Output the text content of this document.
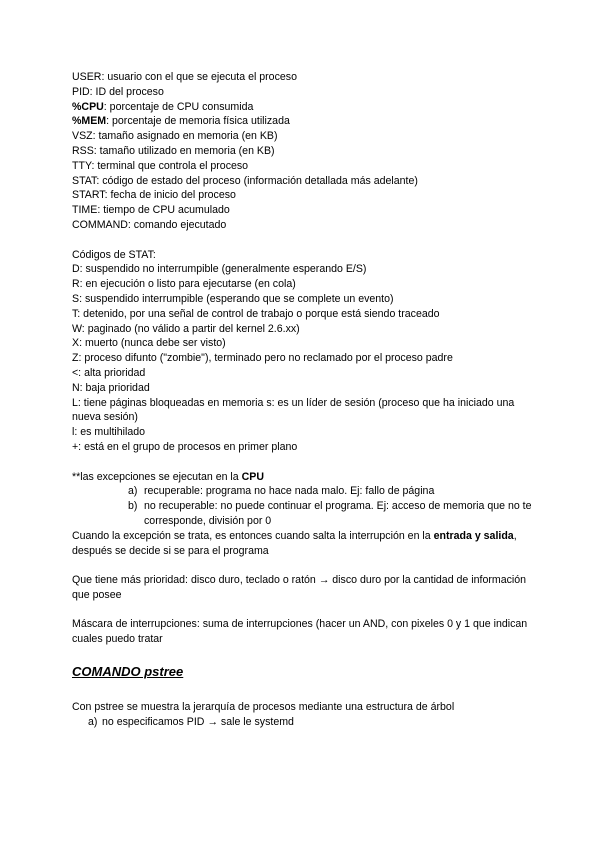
USER: usuario con el que se ejecuta el proceso
PID: ID del proceso
%CPU: porcentaje de CPU consumida
%MEM: porcentaje de memoria física utilizada
VSZ: tamaño asignado en memoria (en KB)
RSS: tamaño utilizado en memoria (en KB)
TTY: terminal que controla el proceso
STAT: código de estado del proceso (información detallada más adelante)
START: fecha de inicio del proceso
TIME: tiempo de CPU acumulado
COMMAND: comando ejecutado
Códigos de STAT:
D: suspendido no interrumpible (generalmente esperando E/S)
R: en ejecución o listo para ejecutarse (en cola)
S: suspendido interrumpible (esperando que se complete un evento)
T: detenido, por una señal de control de trabajo o porque está siendo traceado
W: paginado (no válido a partir del kernel 2.6.xx)
X: muerto (nunca debe ser visto)
Z: proceso difunto ("zombie"), terminado pero no reclamado por el proceso padre
<: alta prioridad
N: baja prioridad
L: tiene páginas bloqueadas en memoria s: es un líder de sesión (proceso que ha iniciado una nueva sesión)
l: es multihilado
+: está en el grupo de procesos en primer plano
**las excepciones se ejecutan en la CPU
a) recuperable: programa no hace nada malo. Ej: fallo de página
b) no recuperable: no puede continuar el programa. Ej: acceso de memoria que no te corresponde, división por 0
Cuando la excepción se trata, es entonces cuando salta la interrupción en la entrada y salida, después se decide si se para el programa
Que tiene más prioridad: disco duro, teclado o ratón → disco duro por la cantidad de información que posee
Máscara de interrupciones: suma de interrupciones (hacer un AND, con pixeles 0 y 1 que indican cuales puedo tratar
COMANDO pstree
Con pstree se muestra la jerarquía de procesos mediante una estructura de árbol
a) no especificamos PID → sale le systemd
